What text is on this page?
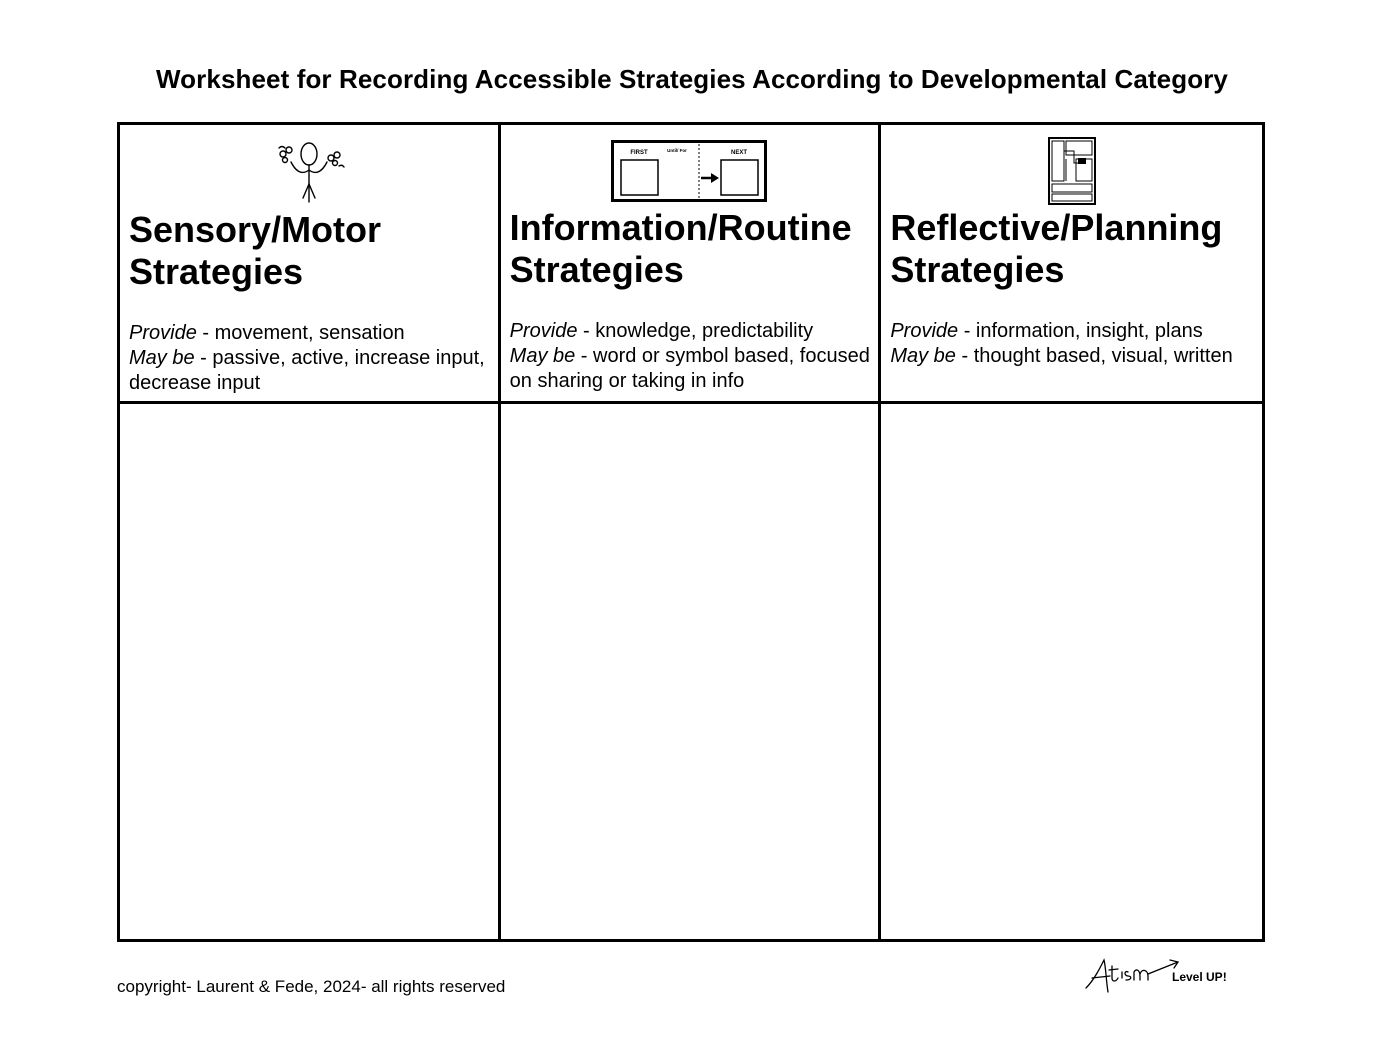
Worksheet for Recording Accessible Strategies According to Developmental Category
Sensory/Motor
Strategies
Provide - movement, sensation
May be - passive, active, increase input, decrease input
FIRST	Until/ For	NEXT
Information/Routine
Strategies
Provide - knowledge, predictability
May be - word or symbol based, focused on sharing or taking in info
Reflective/Planning
Strategies
Provide - information, insight, plans
May be - thought based, visual, written
copyright- Laurent & Fede, 2024- all rights reserved	Level UP!
